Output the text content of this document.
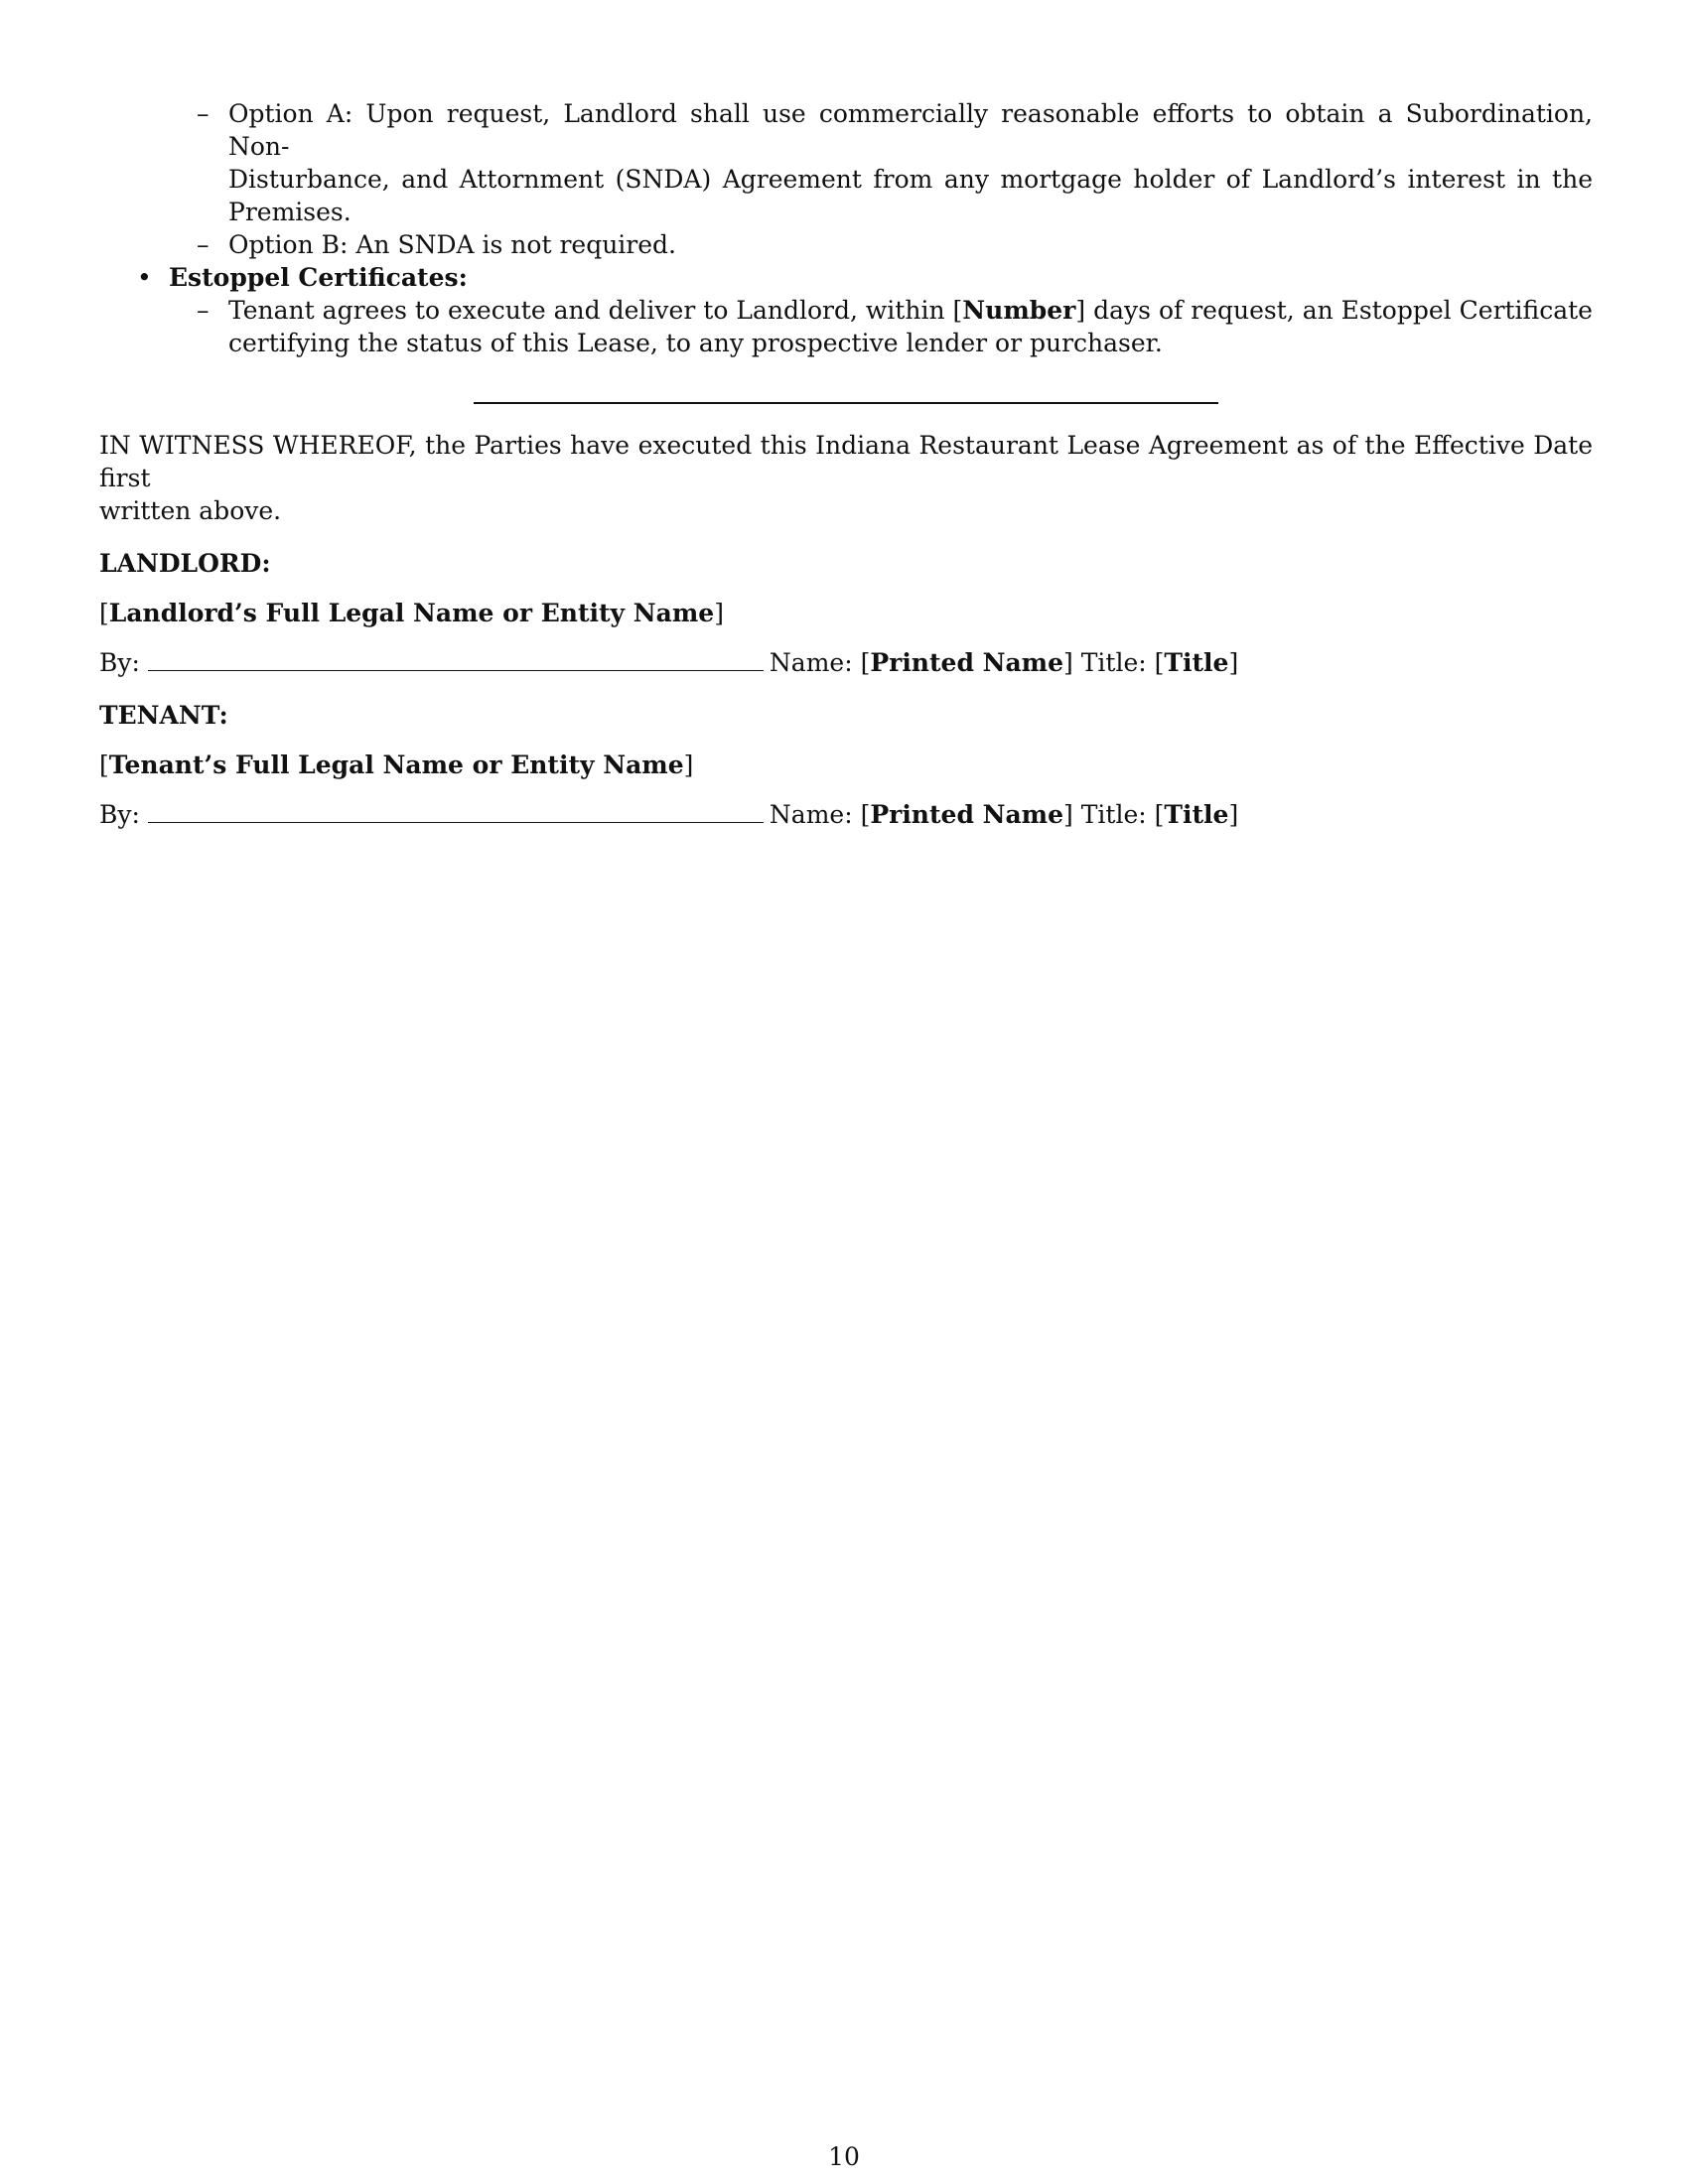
– Option A: Upon request, Landlord shall use commercially reasonable efforts to obtain a Subordination, Non-
Disturbance, and Attornment (SNDA) Agreement from any mortgage holder of Landlord’s interest in the Premises.
– Option B: An SNDA is not required.
• Estoppel Certificates:
– Tenant agrees to execute and deliver to Landlord, within [Number] days of request, an Estoppel Certificate
certifying the status of this Lease, to any prospective lender or purchaser.
IN WITNESS WHEREOF, the Parties have executed this Indiana Restaurant Lease Agreement as of the Effective Date first
written above.
LANDLORD:
[Landlord’s Full Legal Name or Entity Name]
By:	Name: [Printed Name] Title: [Title]
TENANT:
[Tenant’s Full Legal Name or Entity Name]
By:	Name: [Printed Name] Title: [Title]
10
